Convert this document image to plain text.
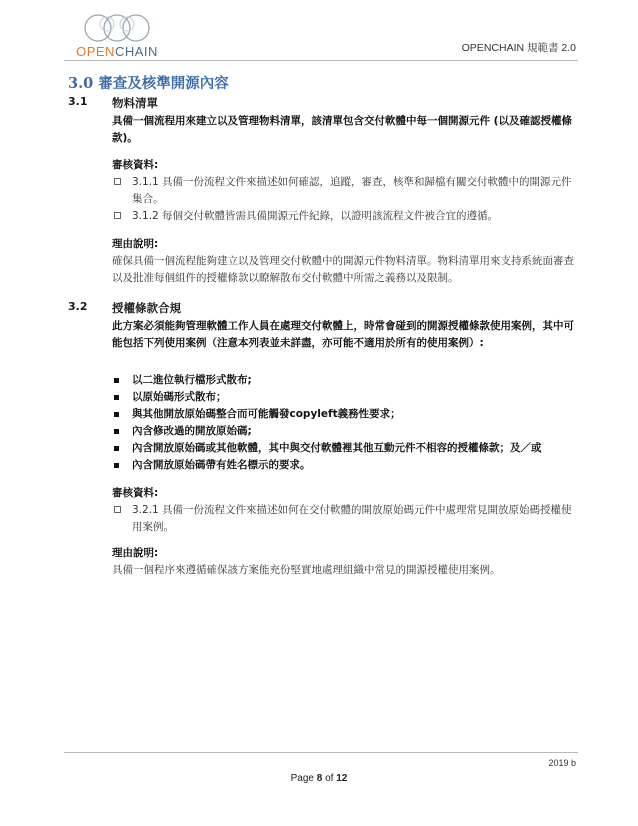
OPENCHAIN	OPENCHAIN 規範書 2.0
3.0 審查及核準開源內容
3.1 物料清單
具備一個流程用來建立以及管理物料清單，該清單包含交付軟體中每一個開源元件 (以及確認授權條款)。
審核資料:
3.1.1 具備一份流程文件來描述如何確認，追蹤，審查，核準和歸檔有關交付軟體中的開源元件集合。
3.1.2 每個交付軟體皆需具備開源元件紀錄，以證明該流程文件被合宜的遵循。
理由說明:
確保具備一個流程能夠建立以及管理交付軟體中的開源元件物料清單。物料清單用來支持系統面審查以及批准每個組件的授權條款以瞭解散布交付軟體中所需之義務以及限制。
3.2 授權條款合規
此方案必須能夠管理軟體工作人員在處理交付軟體上，時常會碰到的開源授權條款使用案例，其中可能包括下列使用案例（注意本列表並未詳盡，亦可能不適用於所有的使用案例）:
以二進位執行檔形式散布;
以原始碼形式散布；
與其他開放原始碼整合而可能觸發copyleft義務性要求；
內含修改過的開放原始碼;
內含開放原始碼或其他軟體，其中與交付軟體裡其他互動元件不相容的授權條款；及／或
內含開放原始碼帶有姓名標示的要求。
審核資料:
3.2.1 具備一份流程文件來描述如何在交付軟體的開放原始碼元件中處理常見開放原始碼授權使用案例。
理由說明:
具備一個程序來遵循確保該方案能充份堅實地處理組織中常見的開源授權使用案例。
2019 b
Page 8 of 12
